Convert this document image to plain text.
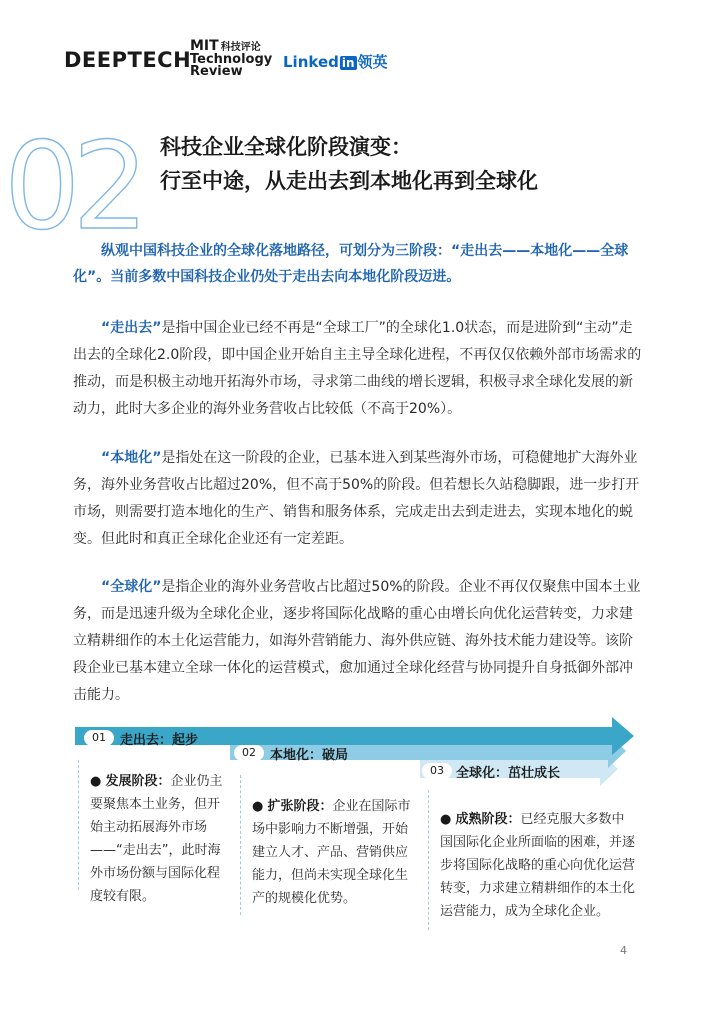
DEEPTECH
MIT 科技评论
Technology
Review
Linked in 领英
02 科技企业全球化阶段演变：
行至中途，从走出去到本地化再到全球化

纵观中国科技企业的全球化落地路径，可划分为三阶段：“走出去——本地化——全球化”。当前多数中国科技企业仍处于走出去向本地化阶段迈进。

“走出去”是指中国企业已经不再是“全球工厂”的全球化1.0状态，而是进阶到“主动”走出去的全球化2.0阶段，即中国企业开始自主主导全球化进程，不再仅仅依赖外部市场需求的推动，而是积极主动地开拓海外市场，寻求第二曲线的增长逻辑，积极寻求全球化发展的新动力，此时大多企业的海外业务营收占比较低（不高于20%）。

“本地化”是指处在这一阶段的企业，已基本进入到某些海外市场，可稳健地扩大海外业务，海外业务营收占比超过20%，但不高于50%的阶段。但若想长久站稳脚跟，进一步打开市场，则需要打造本地化的生产、销售和服务体系，完成走出去到走进去，实现本地化的蜕变。但此时和真正全球化企业还有一定差距。

“全球化”是指企业的海外业务营收占比超过50%的阶段。企业不再仅仅聚焦中国本土业务，而是迅速升级为全球化企业，逐步将国际化战略的重心由增长向优化运营转变，力求建立精耕细作的本土化运营能力，如海外营销能力、海外供应链、海外技术能力建设等。该阶段企业已基本建立全球一体化的运营模式，愈加通过全球化经营与协同提升自身抵御外部冲击能力。

01	走出去：起步
02	本地化：破局
03 全球化：茁壮成长
● 发展阶段：企业仍主要聚焦本土业务，但开始主动拓展海外市场——“走出去”，此时海外市场份额与国际化程度较有限。
● 扩张阶段：企业在国际市场中影响力不断增强，开始建立人才、产品、营销供应能力，但尚未实现全球化生产的规模化优势。
● 成熟阶段：已经克服大多数中国国际化企业所面临的困难，并逐步将国际化战略的重心向优化运营转变，力求建立精耕细作的本土化运营能力，成为全球化企业。
4
